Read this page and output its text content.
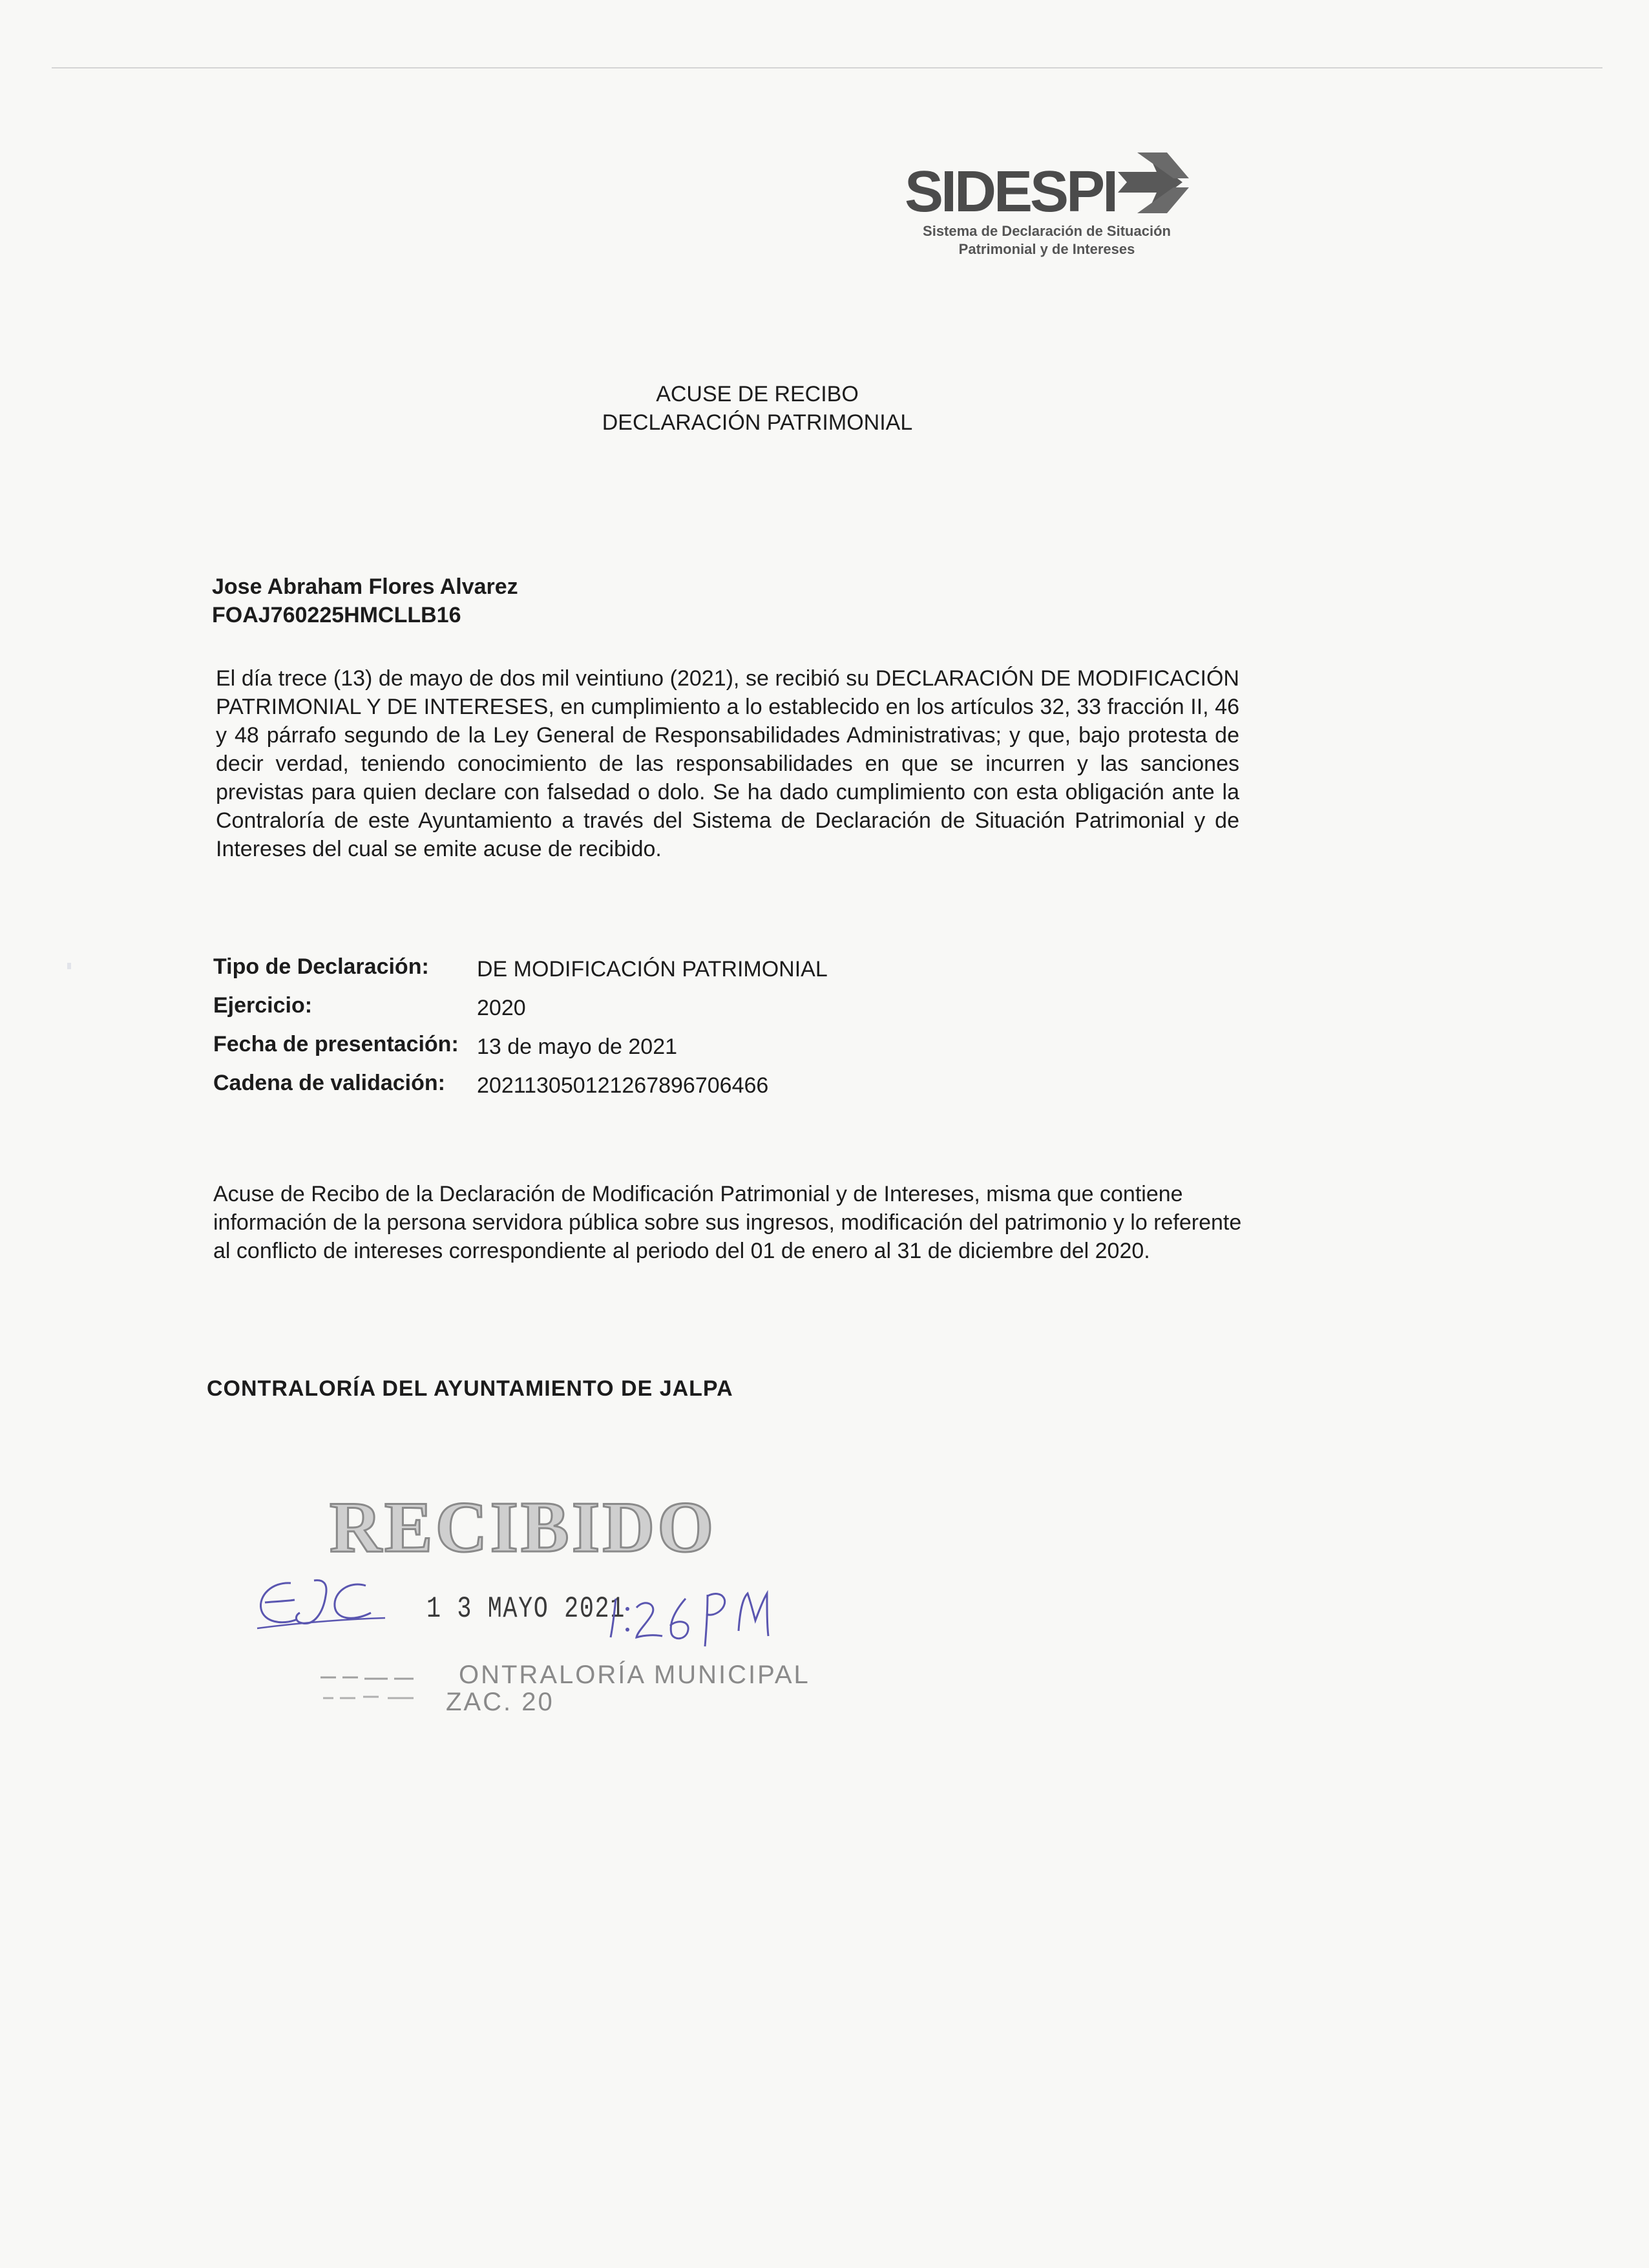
SIDESPI
Sistema de Declaración de Situación
Patrimonial y de Intereses
ACUSE DE RECIBO
DECLARACIÓN PATRIMONIAL
Jose Abraham Flores Alvarez
FOAJ760225HMCLLB16
El día trece (13) de mayo de dos mil veintiuno (2021), se recibió su DECLARACIÓN DE MODIFICACIÓN PATRIMONIAL Y DE INTERESES, en cumplimiento a lo establecido en los artículos 32, 33 fracción II, 46 y 48 párrafo segundo de la Ley General de Responsabilidades Administrativas; y que, bajo protesta de decir verdad, teniendo conocimiento de las responsabilidades en que se incurren y las sanciones previstas para quien declare con falsedad o dolo. Se ha dado cumplimiento con esta obligación ante la Contraloría de este Ayuntamiento a través del Sistema de Declaración de Situación Patrimonial y de Intereses del cual se emite acuse de recibido.
Tipo de Declaración:	DE MODIFICACIÓN PATRIMONIAL
Ejercicio:	2020
Fecha de presentación: 13 de mayo de 2021
Cadena de validación:	20211305012126789670646​6
Acuse de Recibo de la Declaración de Modificación Patrimonial y de Intereses, misma que contiene información de la persona servidora pública sobre sus ingresos, modificación del patrimonio y lo referente al conflicto de intereses correspondiente al periodo del 01 de enero al 31 de diciembre del 2020.
CONTRALORÍA DEL AYUNTAMIENTO DE JALPA
RECIBIDO
1 3 MAYO 2021
ONTRALORÍA MUNICIPAL
ZAC. 20
